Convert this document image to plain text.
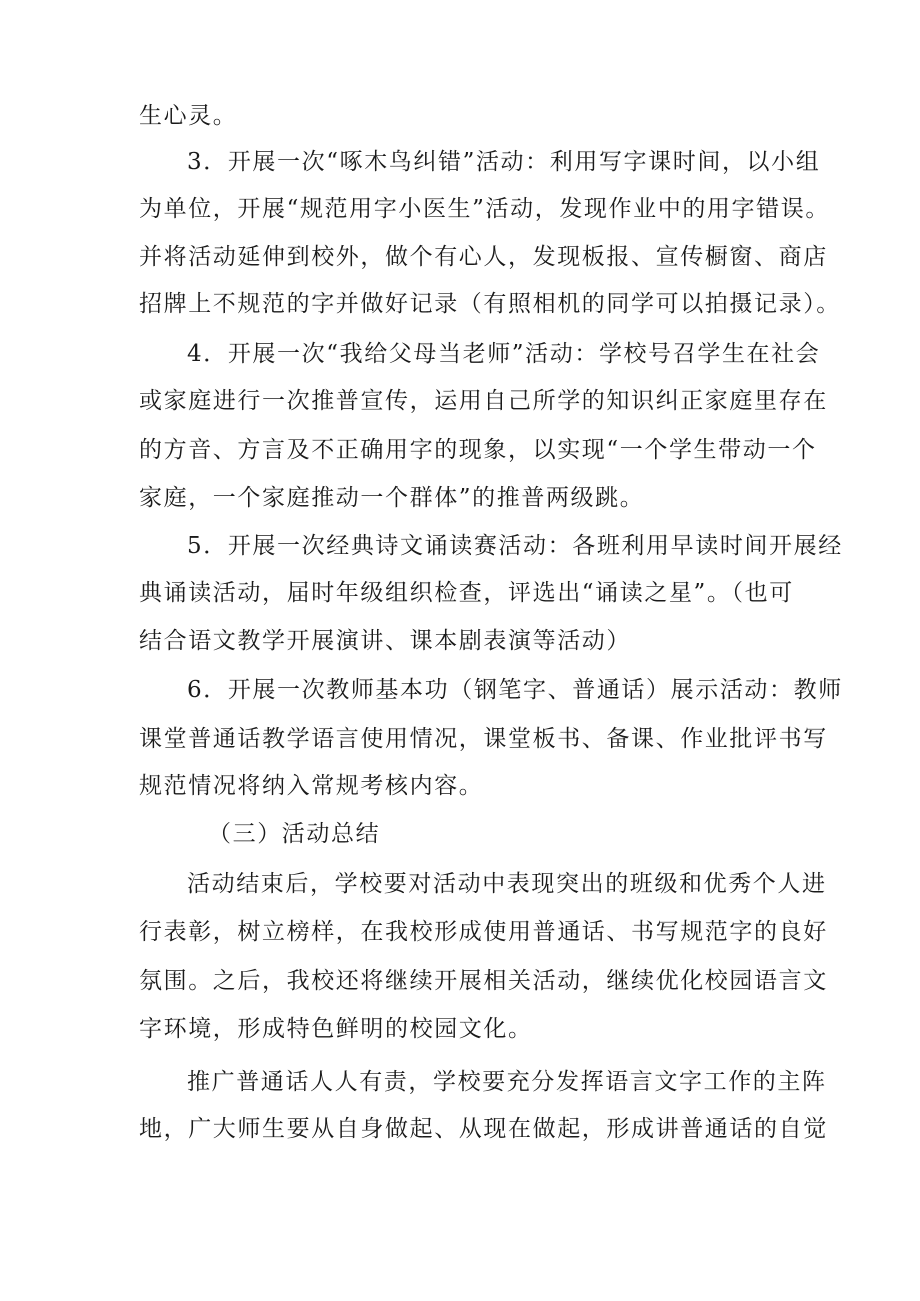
生心灵。
3．开展一次“啄木鸟纠错”活动：利用写字课时间，以小组
为单位，开展“规范用字小医生”活动，发现作业中的用字错误。
并将活动延伸到校外，做个有心人，发现板报、宣传橱窗、商店
招牌上不规范的字并做好记录（有照相机的同学可以拍摄记录）。
4．开展一次“我给父母当老师”活动：学校号召学生在社会
或家庭进行一次推普宣传，运用自己所学的知识纠正家庭里存在
的方音、方言及不正确用字的现象，以实现“一个学生带动一个
家庭，一个家庭推动一个群体”的推普两级跳。
5．开展一次经典诗文诵读赛活动：各班利用早读时间开展经
典诵读活动，届时年级组织检查，评选出“诵读之星”。（也可
结合语文教学开展演讲、课本剧表演等活动）
6．开展一次教师基本功（钢笔字、普通话）展示活动：教师
课堂普通话教学语言使用情况，课堂板书、备课、作业批评书写
规范情况将纳入常规考核内容。
（三）活动总结
活动结束后，学校要对活动中表现突出的班级和优秀个人进
行表彰，树立榜样，在我校形成使用普通话、书写规范字的良好
氛围。之后，我校还将继续开展相关活动，继续优化校园语言文
字环境，形成特色鲜明的校园文化。
推广普通话人人有责，学校要充分发挥语言文字工作的主阵
地，广大师生要从自身做起、从现在做起，形成讲普通话的自觉
